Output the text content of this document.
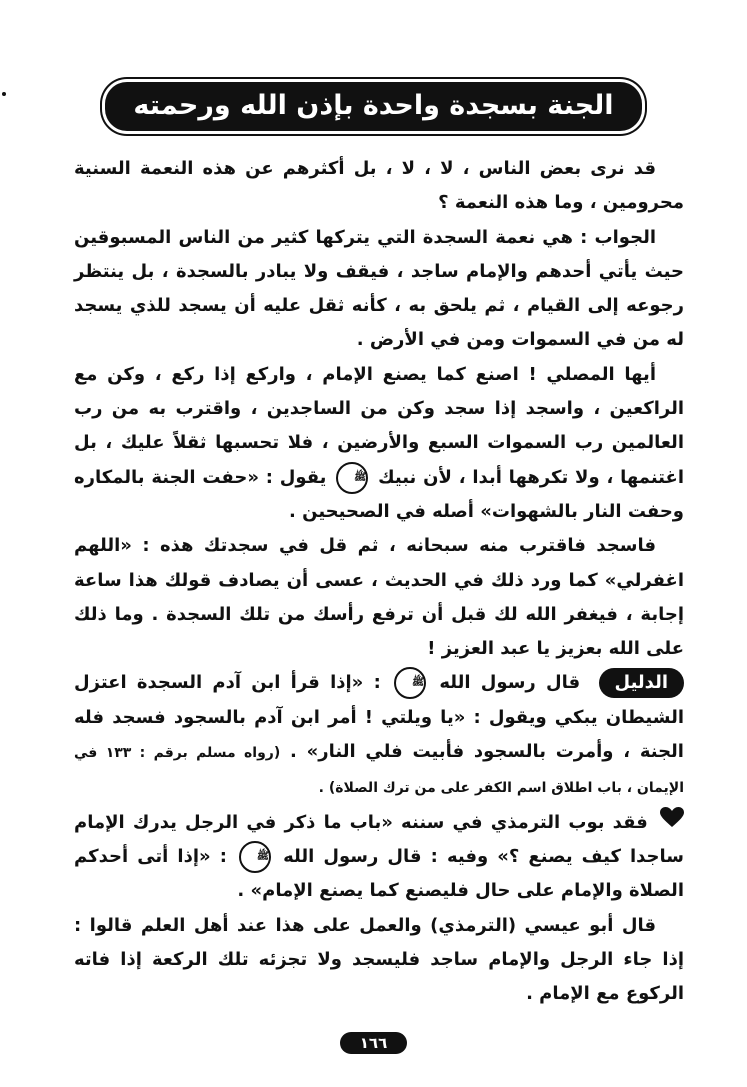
الجنة بسجدة واحدة بإذن الله ورحمته

قد نرى بعض الناس ، لا ، لا ، بل أكثرهم عن هذه النعمة السنية محرومين ، وما هذه النعمة ؟

الجواب : هي نعمة السجدة التي يتركها كثير من الناس المسبوقين حيث يأتي أحدهم والإمام ساجد ، فيقف ولا يبادر بالسجدة ، بل ينتظر رجوعه إلى القيام ، ثم يلحق به ، كأنه ثقل عليه أن يسجد للذي يسجد له من في السموات ومن في الأرض .

أيها المصلي ! اصنع كما يصنع الإمام ، واركع إذا ركع ، وكن مع الراكعين ، واسجد إذا سجد وكن من الساجدين ، واقترب به من رب العالمين رب السموات السبع والأرضين ، فلا تحسبها ثقلاً عليك ، بل اغتنمها ، ولا تكرهها أبدا ، لأن نبيك ﷺ يقول : «حفت الجنة بالمكاره وحفت النار بالشهوات» أصله في الصحيحين .

فاسجد فاقترب منه سبحانه ، ثم قل في سجدتك هذه : «اللهم اغفرلي» كما ورد ذلك في الحديث ، عسى أن يصادف قولك هذا ساعة إجابة ، فيغفر الله لك قبل أن ترفع رأسك من تلك السجدة . وما ذلك على الله بعزيز يا عبد العزيز !

الدليل قال رسول الله ﷺ : «إذا قرأ ابن آدم السجدة اعتزل الشيطان يبكي ويقول : «يا ويلتي ! أمر ابن آدم بالسجود فسجد فله الجنة ، وأمرت بالسجود فأبيت فلي النار» . (رواه مسلم برقم : ١٣٣ في الإيمان ، باب اطلاق اسم الكفر على من ترك الصلاة) .

فقد بوب الترمذي في سننه «باب ما ذكر في الرجل يدرك الإمام ساجدا كيف يصنع ؟» وفيه : قال رسول الله ﷺ : «إذا أتى أحدكم الصلاة والإمام على حال فليصنع كما يصنع الإمام» .

قال أبو عيسي (الترمذي) والعمل على هذا عند أهل العلم قالوا : إذا جاء الرجل والإمام ساجد فليسجد ولا تجزئه تلك الركعة إذا فاته الركوع مع الإمام .

١٦٦
